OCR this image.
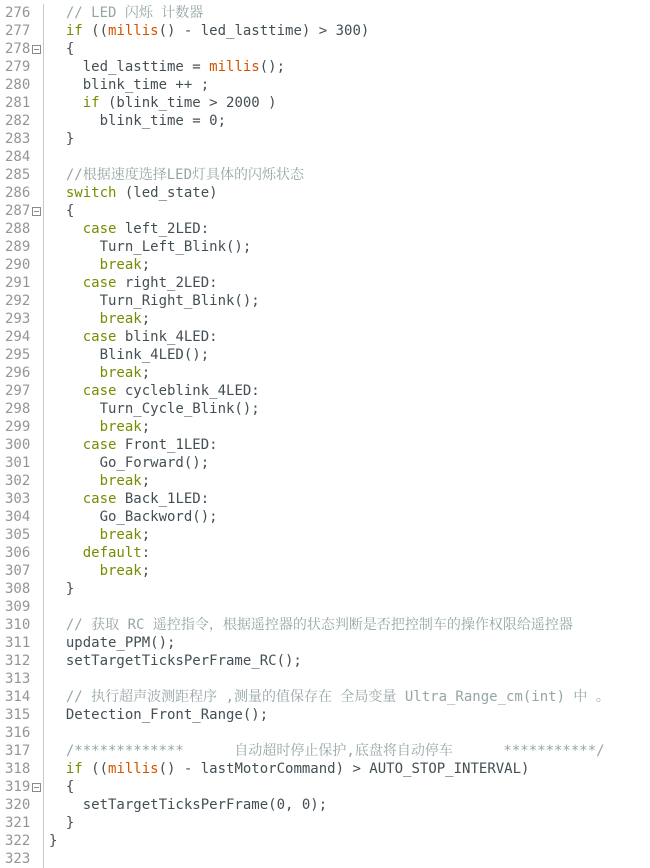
276	// LED 闪烁 计数器
277	if ((millis() - led_lasttime) > 300)
278	{
279	led_lasttime = millis();
280	blink_time ++ ;
281	if (blink_time > 2000 )
282	blink_time = 0;
283	}
284
285	//根据速度选择LED灯具体的闪烁状态
286	switch (led_state)
287	{
288	case left_2LED:
289	Turn_Left_Blink();
290	break;
291	case right_2LED:
292	Turn_Right_Blink();
293	break;
294	case blink_4LED:
295	Blink_4LED();
296	break;
297	case cycleblink_4LED:
298	Turn_Cycle_Blink();
299	break;
300	case Front_1LED:
301	Go_Forward();
302	break;
303	case Back_1LED:
304	Go_Backword();
305	break;
306	default:
307	break;
308	}
309
310	// 获取 RC 遥控指令，根据遥控器的状态判断是否把控制车的操作权限给遥控器
311	update_PPM();
312	setTargetTicksPerFrame_RC();
313
314	// 执行超声波测距程序 ,测量的值保存在 全局变量 Ultra_Range_cm(int) 中 。
315	Detection_Front_Range();
316
317	/*************      自动超时停止保护,底盘将自动停车      ***********/
318	if ((millis() - lastMotorCommand) > AUTO_STOP_INTERVAL)
319	{
320	setTargetTicksPerFrame(0, 0);
321	}
322	}
323
